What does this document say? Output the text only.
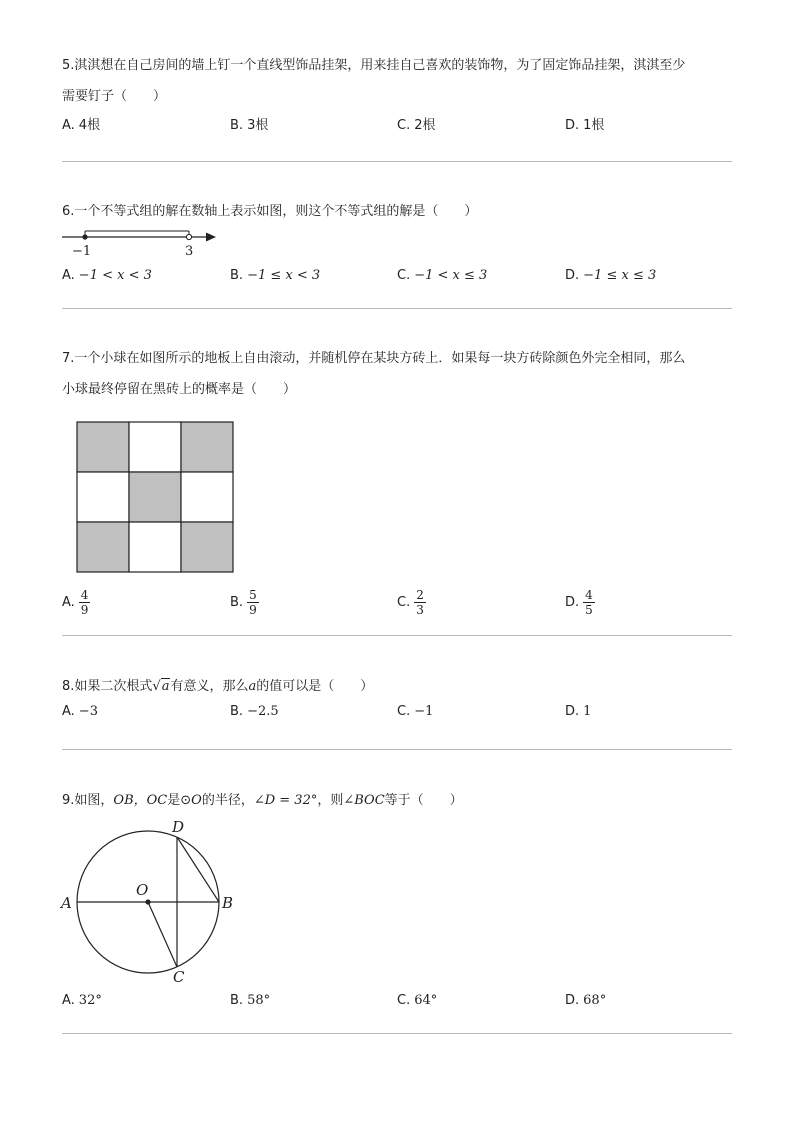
5.淇淇想在自己房间的墙上钉一个直线型饰品挂架，用来挂自己喜欢的装饰物，为了固定饰品挂架，淇淇至少

需要钉子（　　）

A. 4根	B. 3根	C. 2根	D. 1根

6.一个不等式组的解在数轴上表示如图，则这个不等式组的解是（　　）

−1	3
A. −1 < x < 3	B. −1 ≤ x < 3	C. −1 < x ≤ 3	D. −1 ≤ x ≤ 3

7.一个小球在如图所示的地板上自由滚动，并随机停在某块方砖上．如果每一块方砖除颜色外完全相同，那么

小球最终停留在黑砖上的概率是（　　）

A. $\frac{4}{9}$	B. $\frac{5}{9}$	C. $\frac{2}{3}$	D. $\frac{4}{5}$

8.如果二次根式√a有意义，那么a的值可以是（　　）

A. −3	B. −2.5	C. −1	D. 1

9.如图，OB，OC是⊙O的半径，∠D = 32°，则∠BOC等于（　　）

A	B
C
D
O
A. 32°	B. 58°	C. 64°	D. 68°
